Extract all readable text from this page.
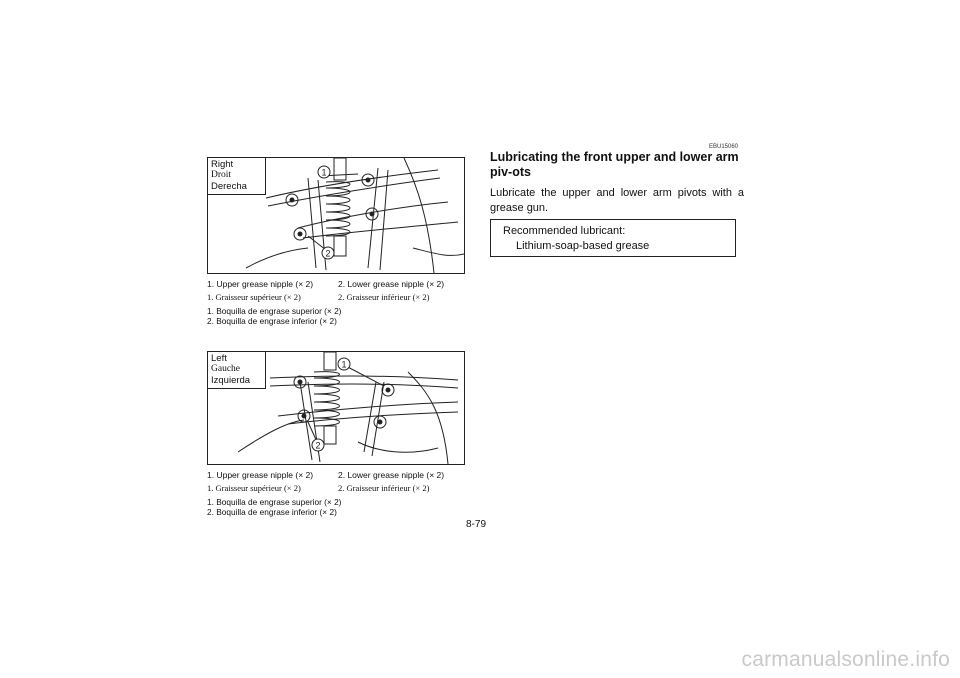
Right
Droit
Derecha
1
2
1. Upper grease nipple (× 2)	2. Lower grease nipple (× 2)
1. Graisseur supérieur (× 2)	2. Graisseur inférieur (× 2)
1. Boquilla de engrase superior (× 2)
2. Boquilla de engrase inferior (× 2)
Left
Gauche
Izquierda
1
2
1. Upper grease nipple (× 2)	2. Lower grease nipple (× 2)
1. Graisseur supérieur (× 2)	2. Graisseur inférieur (× 2)
1. Boquilla de engrase superior (× 2)
2. Boquilla de engrase inferior (× 2)
EBU15060
Lubricating the front upper and lower arm piv-ots

Lubricate the upper and lower arm pivots with a grease gun.

Recommended lubricant:
Lithium-soap-based grease
8-79
carmanualsonline.info
